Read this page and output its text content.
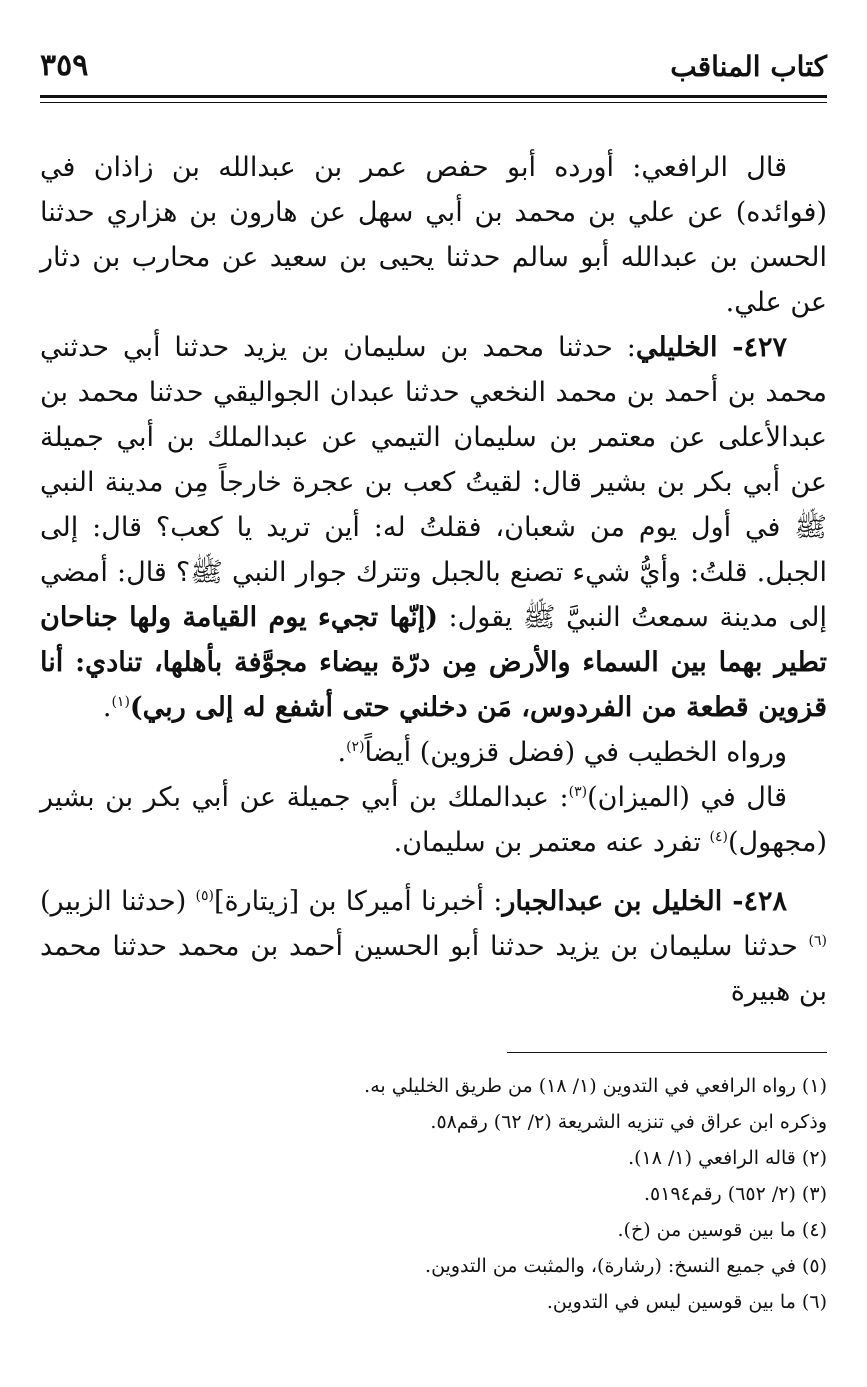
كتاب المناقب
٣٥٩

قال الرافعي: أورده أبو حفص عمر بن عبدالله بن زاذان في (فوائده) عن علي بن محمد بن أبي سهل عن هارون بن هزاري حدثنا الحسن بن عبدالله أبو سالم حدثنا يحيى بن سعيد عن محارب بن دثار عن علي.

٤٢٧- الخليلي: حدثنا محمد بن سليمان بن يزيد حدثنا أبي حدثني محمد بن أحمد بن محمد النخعي حدثنا عبدان الجواليقي حدثنا محمد بن عبدالأعلى عن معتمر بن سليمان التيمي عن عبدالملك بن أبي جميلة عن أبي بكر بن بشير قال: لقيتُ كعب بن عجرة خارجاً مِن مدينة النبي ﷺ في أول يوم من شعبان، فقلتُ له: أين تريد يا كعب؟ قال: إلى الجبل. قلتُ: وأيُّ شيء تصنع بالجبل وتترك جوار النبي ﷺ؟ قال: أمضي إلى مدينة سمعتُ النبيَّ ﷺ يقول: (إنّها تجيء يوم القيامة ولها جناحان تطير بهما بين السماء والأرض مِن درّة بيضاء مجوَّفة بأهلها، تنادي: أنا قزوين قطعة من الفردوس، مَن دخلني حتى أشفع له إلى ربي)$^{(١)}$.

ورواه الخطيب في (فضل قزوين) أيضاً$^{(٢)}$.

قال في (الميزان)$^{(٣)}$: عبدالملك بن أبي جميلة عن أبي بكر بن بشير (مجهول)$^{(٤)}$ تفرد عنه معتمر بن سليمان.

٤٢٨- الخليل بن عبدالجبار: أخبرنا أميركا بن [زيتارة]$^{(٥)}$ (حدثنا الزبير)$^{(٦)}$ حدثنا سليمان بن يزيد حدثنا أبو الحسين أحمد بن محمد حدثنا محمد بن هبيرة

(١) رواه الرافعي في التدوين (١/ ١٨) من طريق الخليلي به.

وذكره ابن عراق في تنزيه الشريعة (٢/ ٦٢) رقم٥٨.

(٢) قاله الرافعي (١/ ١٨).

(٣) (٢/ ٦٥٢) رقم٥١٩٤.

(٤) ما بين قوسين من (خ).

(٥) في جميع النسخ: (رشارة)، والمثبت من التدوين.

(٦) ما بين قوسين ليس في التدوين.
